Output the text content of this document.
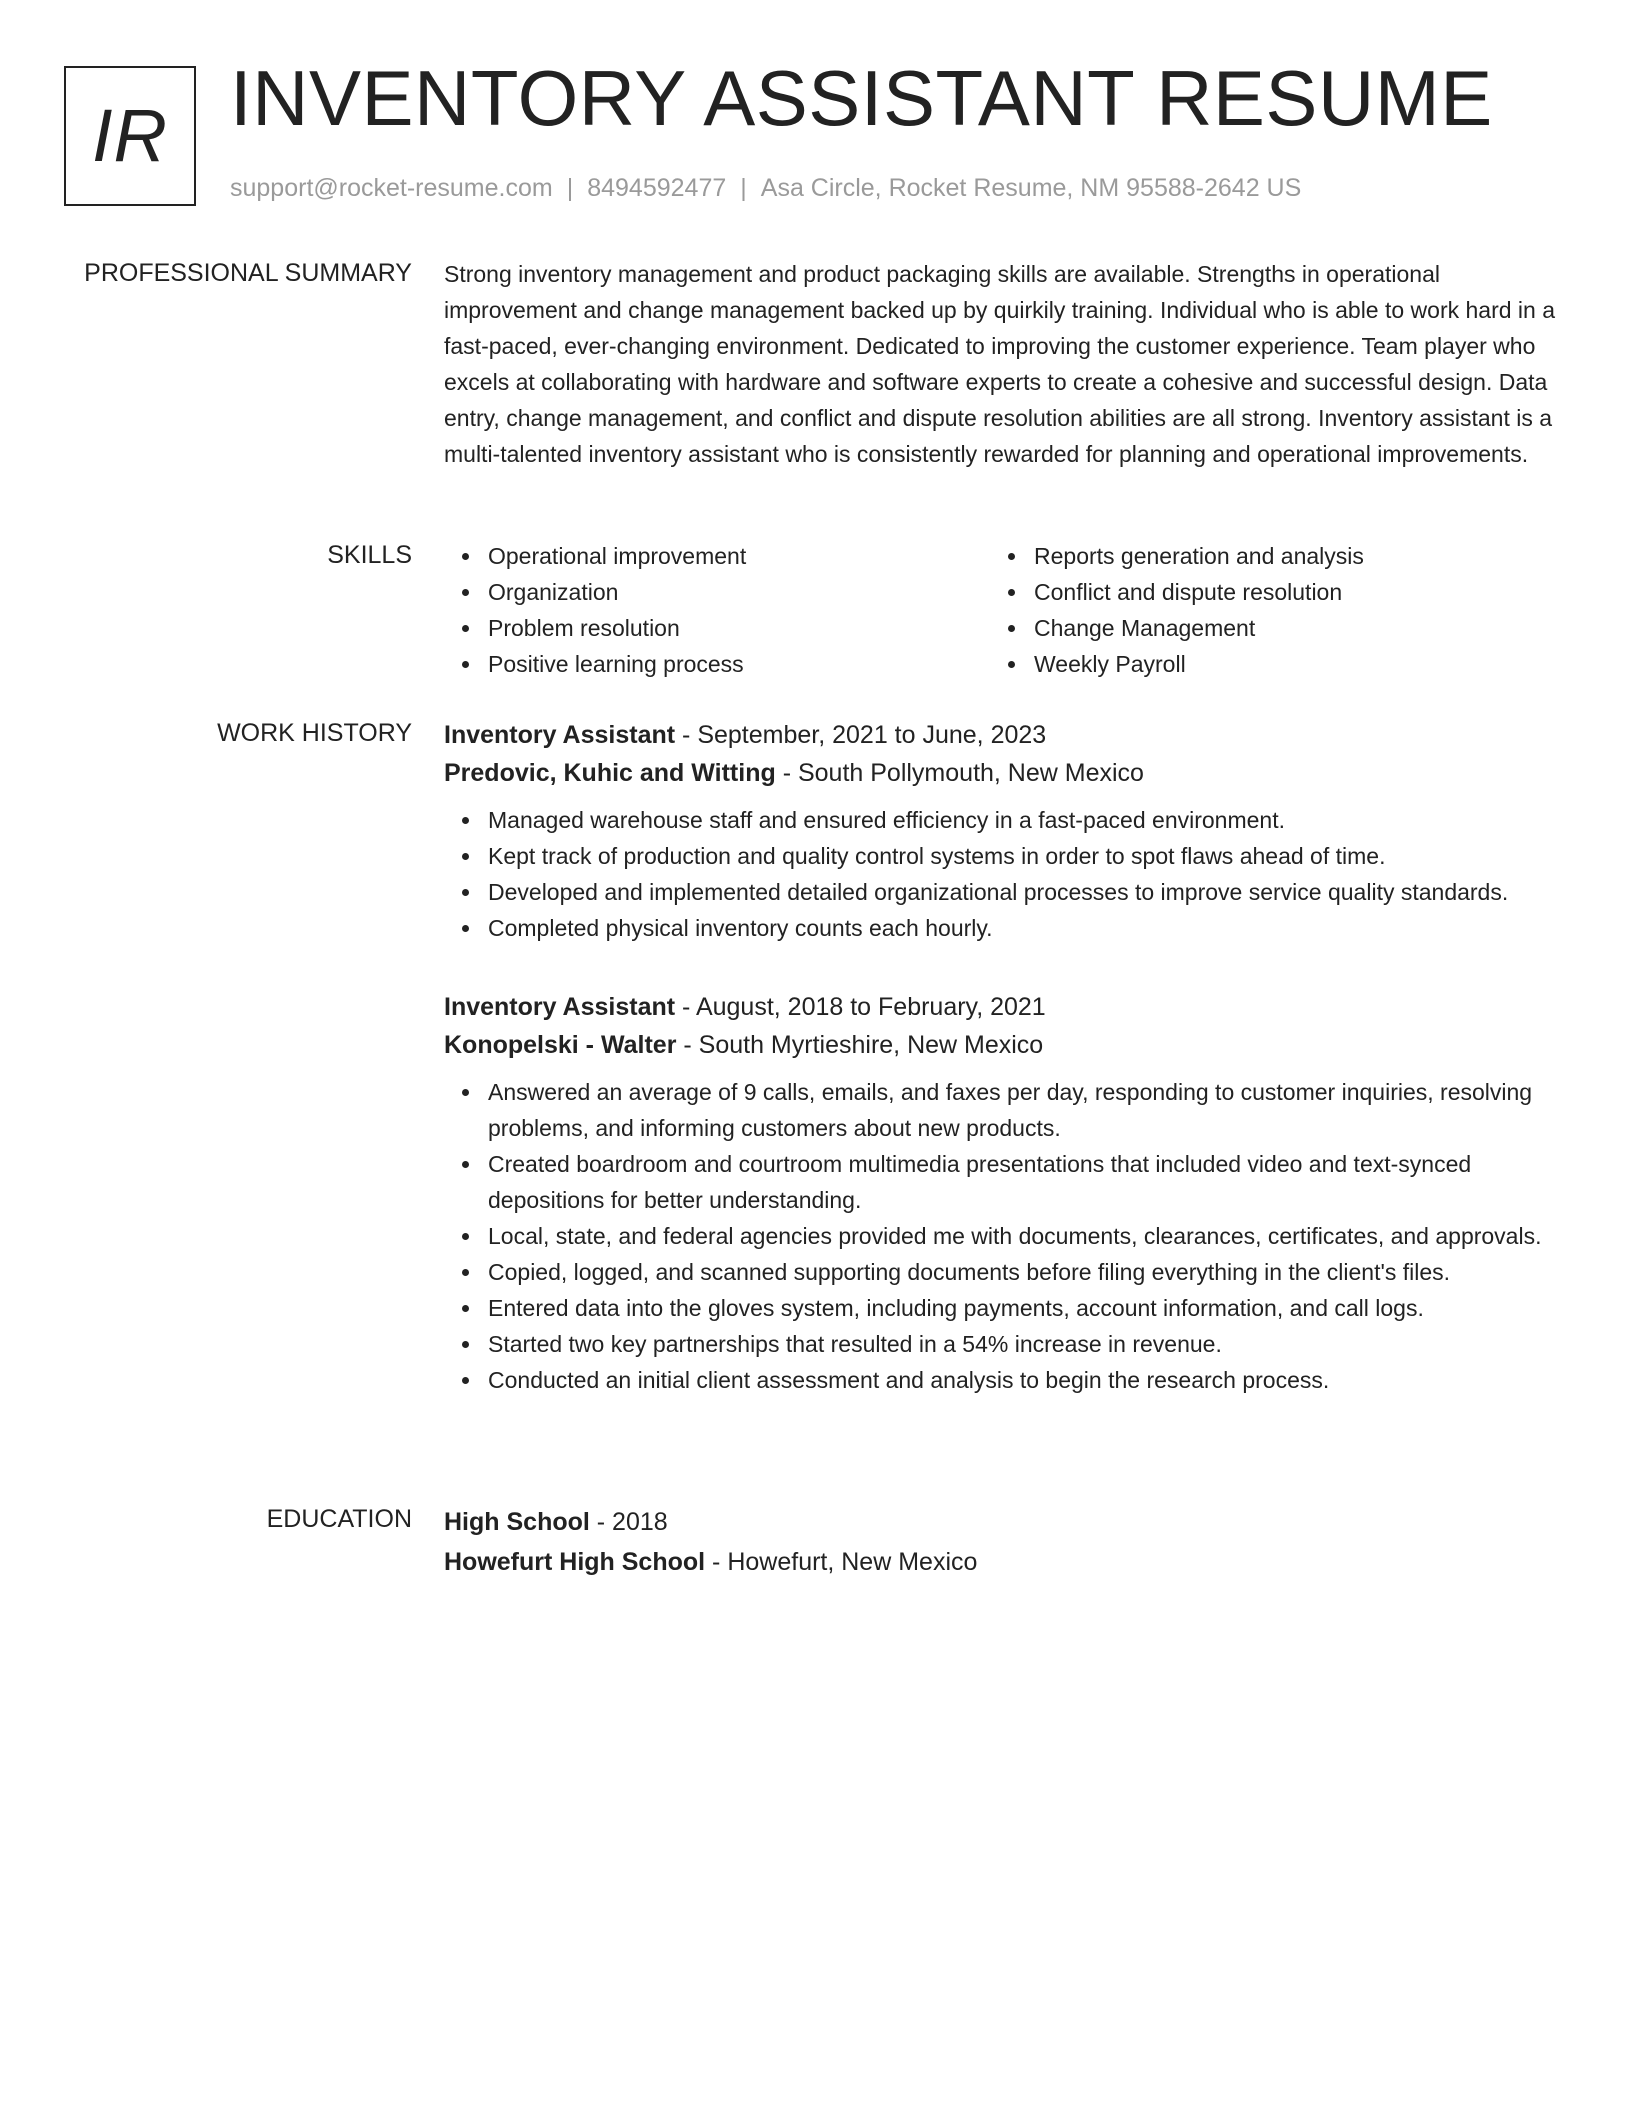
IR INVENTORY ASSISTANT RESUME
support@rocket-resume.com | 8494592477 | Asa Circle, Rocket Resume, NM 95588-2642 US
PROFESSIONAL SUMMARY Strong inventory management and product packaging skills are available. Strengths in operational improvement and change management backed up by quirkily training. Individual who is able to work hard in a fast-paced, ever-changing environment. Dedicated to improving the customer experience. Team player who excels at collaborating with hardware and software experts to create a cohesive and successful design. Data entry, change management, and conflict and dispute resolution abilities are all strong. Inventory assistant is a multi-talented inventory assistant who is consistently rewarded for planning and operational improvements.

SKILLS	Operational improvement
Organization
Problem resolution
Positive learning process
Reports generation and analysis
Conflict and dispute resolution
Change Management
Weekly Payroll
WORK HISTORY Inventory Assistant - September, 2021 to June, 2023
Predovic, Kuhic and Witting - South Pollymouth, New Mexico
Managed warehouse staff and ensured efficiency in a fast-paced environment.
Kept track of production and quality control systems in order to spot flaws ahead of time.
Developed and implemented detailed organizational processes to improve service quality standards.
Completed physical inventory counts each hourly.
Inventory Assistant - August, 2018 to February, 2021
Konopelski - Walter - South Myrtieshire, New Mexico
Answered an average of 9 calls, emails, and faxes per day, responding to customer inquiries, resolving problems, and informing customers about new products.
Created boardroom and courtroom multimedia presentations that included video and text-synced depositions for better understanding.
Local, state, and federal agencies provided me with documents, clearances, certificates, and approvals.
Copied, logged, and scanned supporting documents before filing everything in the client's files.
Entered data into the gloves system, including payments, account information, and call logs.
Started two key partnerships that resulted in a 54% increase in revenue.
Conducted an initial client assessment and analysis to begin the research process.
EDUCATION High School - 2018
Howefurt High School - Howefurt, New Mexico
